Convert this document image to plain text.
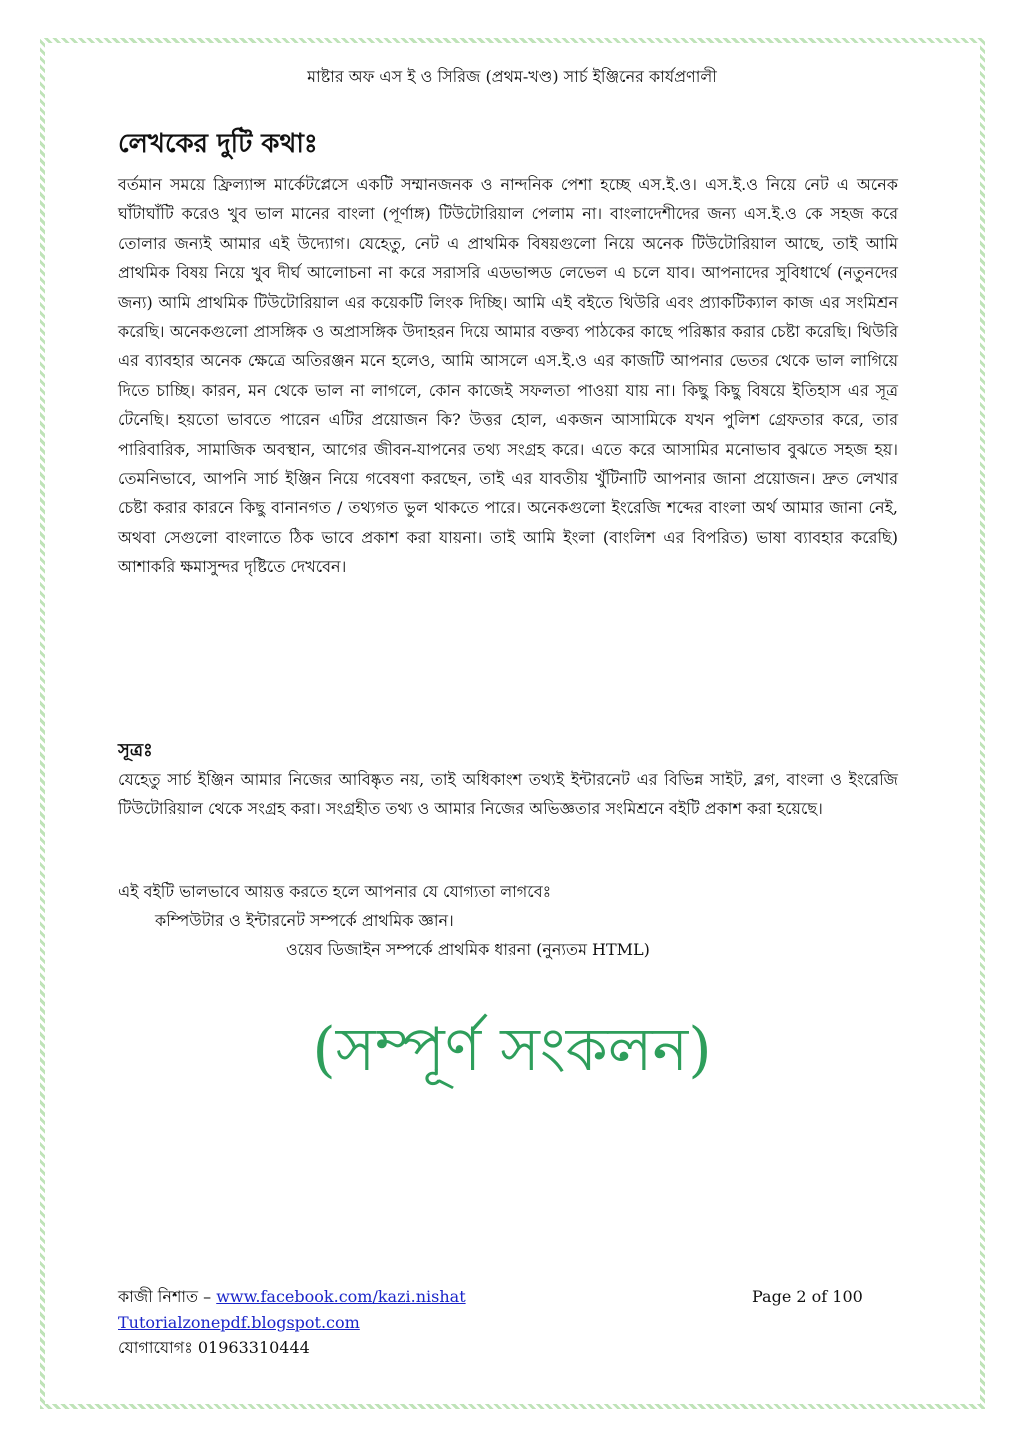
মাষ্টার অফ এস ই ও সিরিজ (প্রথম-খণ্ড) সার্চ ইঞ্জিনের কার্যপ্রণালী
লেখকের দুটি কথাঃ

বর্তমান সময়ে ফ্রিল্যান্স মার্কেটপ্লেসে একটি সম্মানজনক ও নান্দনিক পেশা হচ্ছে এস.ই.ও। এস.ই.ও নিয়ে নেট এ অনেক ঘাঁটাঘাঁটি করেও খুব ভাল মানের বাংলা (পূর্ণাঙ্গ) টিউটোরিয়াল পেলাম না। বাংলাদেশীদের জন্য এস.ই.ও কে সহজ করে তোলার জন্যই আমার এই উদ্যোগ। যেহেতু, নেট এ প্রাথমিক বিষয়গুলো নিয়ে অনেক টিউটোরিয়াল আছে, তাই আমি প্রাথমিক বিষয় নিয়ে খুব দীর্ঘ আলোচনা না করে সরাসরি এডভান্সড লেভেল এ চলে যাব। আপনাদের সুবিধার্থে (নতুনদের জন্য) আমি প্রাথমিক টিউটোরিয়াল এর কয়েকটি লিংক দিচ্ছি। আমি এই বইতে থিউরি এবং প্র্যাকটিক্যাল কাজ এর সংমিশ্রন করেছি। অনেকগুলো প্রাসঙ্গিক ও অপ্রাসঙ্গিক উদাহরন দিয়ে আমার বক্তব্য পাঠকের কাছে পরিষ্কার করার চেষ্টা করেছি। থিউরি এর ব্যাবহার অনেক ক্ষেত্রে অতিরঞ্জন মনে হলেও, আমি আসলে এস.ই.ও এর কাজটি আপনার ভেতর থেকে ভাল লাগিয়ে দিতে চাচ্ছি। কারন, মন থেকে ভাল না লাগলে, কোন কাজেই সফলতা পাওয়া যায় না। কিছু কিছু বিষয়ে ইতিহাস এর সূত্র টেনেছি। হয়তো ভাবতে পারেন এটির প্রয়োজন কি? উত্তর হোল, একজন আসামিকে যখন পুলিশ গ্রেফতার করে, তার পারিবারিক, সামাজিক অবস্থান, আগের জীবন-যাপনের তথ্য সংগ্রহ করে। এতে করে আসামির মনোভাব বুঝতে সহজ হয়। তেমনিভাবে, আপনি সার্চ ইঞ্জিন নিয়ে গবেষণা করছেন, তাই এর যাবতীয় খুঁটিনাটি আপনার জানা প্রয়োজন। দ্রুত লেখার চেষ্টা করার কারনে কিছু বানানগত / তথ্যগত ভুল থাকতে পারে। অনেকগুলো ইংরেজি শব্দের বাংলা অর্থ আমার জানা নেই, অথবা সেগুলো বাংলাতে ঠিক ভাবে প্রকাশ করা যায়না। তাই আমি ইংলা (বাংলিশ এর বিপরিত) ভাষা ব্যাবহার করেছি) আশাকরি ক্ষমাসুন্দর দৃষ্টিতে দেখবেন।

সূত্রঃ

যেহেতু সার্চ ইঞ্জিন আমার নিজের আবিষ্কৃত নয়, তাই অধিকাংশ তথ্যই ইন্টারনেট এর বিভিন্ন সাইট, ব্লগ, বাংলা ও ইংরেজি টিউটোরিয়াল থেকে সংগ্রহ করা। সংগ্রহীত তথ্য ও আমার নিজের অভিজ্ঞতার সংমিশ্রনে বইটি প্রকাশ করা হয়েছে।

এই বইটি ভালভাবে আয়ত্ত করতে হলে আপনার যে যোগ্যতা লাগবেঃ

কম্পিউটার ও ইন্টারনেট সম্পর্কে প্রাথমিক জ্ঞান।
ওয়েব ডিজাইন সম্পর্কে প্রাথমিক ধারনা (নুন্যতম HTML)
(সম্পূর্ণ সংকলন)
কাজী নিশাত – www.facebook.com/kazi.nishat	Page 2 of 100
Tutorialzonepdf.blogspot.com
যোগাযোগঃ 01963310444
